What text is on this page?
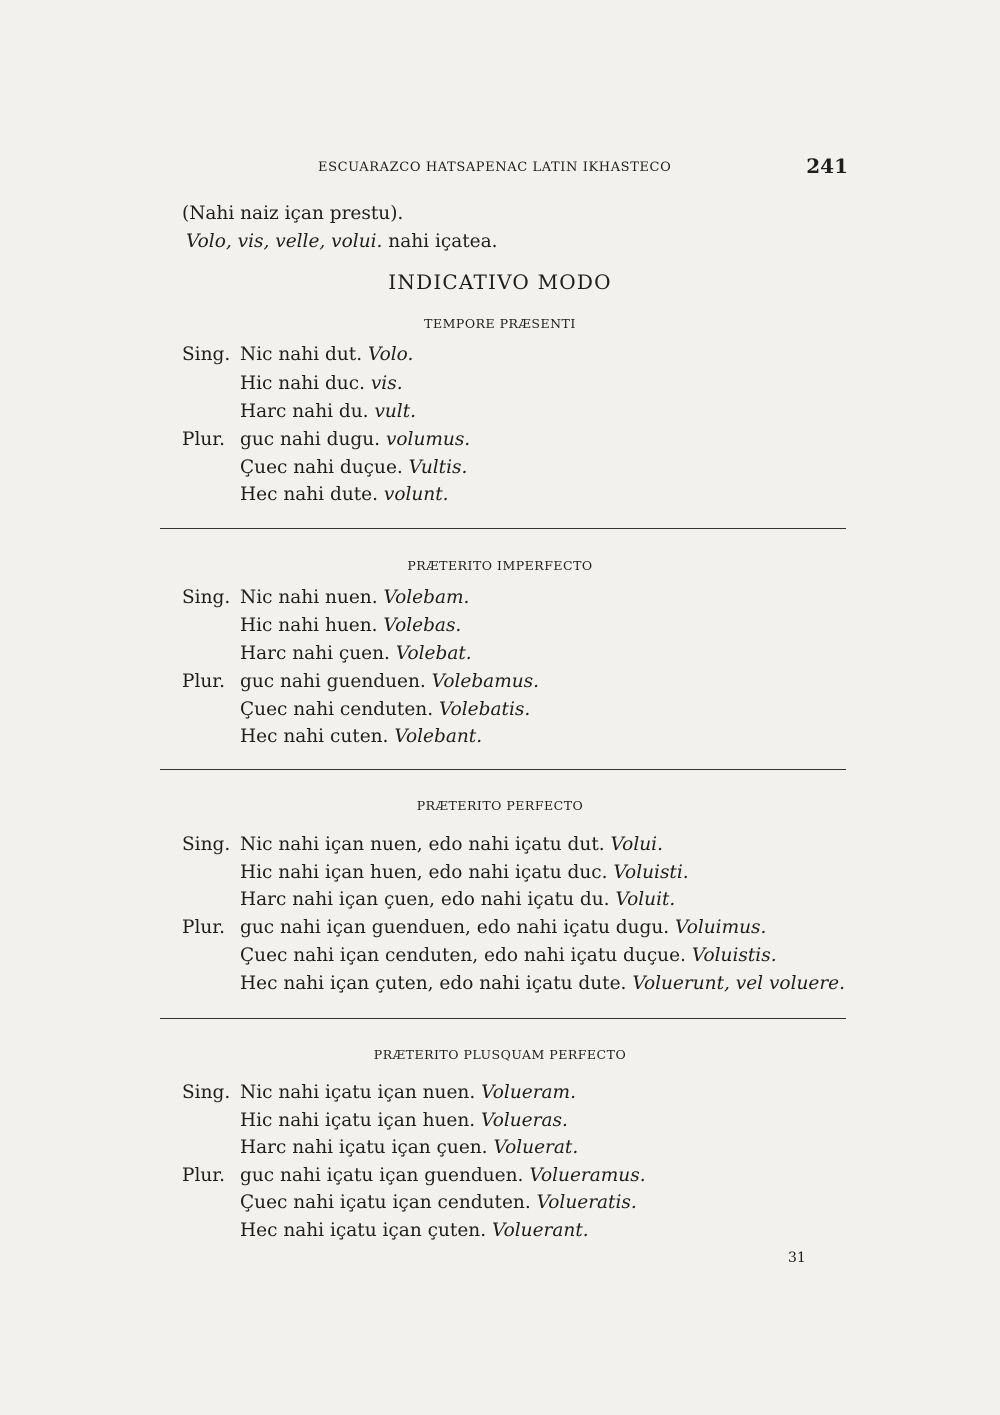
ESCUARAZCO HATSAPENAC LATIN IKHASTECO	241
(Nahi naiz içan prestu).
Volo, vis, velle, volui. nahi içatea.
INDICATIVO MODO
TEMPORE PRÆSENTI
Sing. Nic nahi dut. Volo.
Hic nahi duc. vis.
Harc nahi du. vult.
Plur. guc nahi dugu. volumus.
Çuec nahi duçue. Vultis.
Hec nahi dute. volunt.
PRÆTERITO IMPERFECTO
Sing. Nic nahi nuen. Volebam.
Hic nahi huen. Volebas.
Harc nahi çuen. Volebat.
Plur. guc nahi guenduen. Volebamus.
Çuec nahi cenduten. Volebatis.
Hec nahi cuten. Volebant.
PRÆTERITO PERFECTO
Sing. Nic nahi içan nuen, edo nahi içatu dut. Volui.
Hic nahi içan huen, edo nahi içatu duc. Voluisti.
Harc nahi içan çuen, edo nahi içatu du. Voluit.
Plur. guc nahi içan guenduen, edo nahi içatu dugu. Voluimus.
Çuec nahi içan cenduten, edo nahi içatu duçue. Voluistis.
Hec nahi içan çuten, edo nahi içatu dute. Voluerunt, vel voluere.
PRÆTERITO PLUSQUAM PERFECTO
Sing. Nic nahi içatu içan nuen. Volueram.
Hic nahi içatu içan huen. Volueras.
Harc nahi içatu içan çuen. Voluerat.
Plur. guc nahi içatu içan guenduen. Volueramus.
Çuec nahi içatu içan cenduten. Volueratis.
Hec nahi içatu içan çuten. Voluerant.
31
